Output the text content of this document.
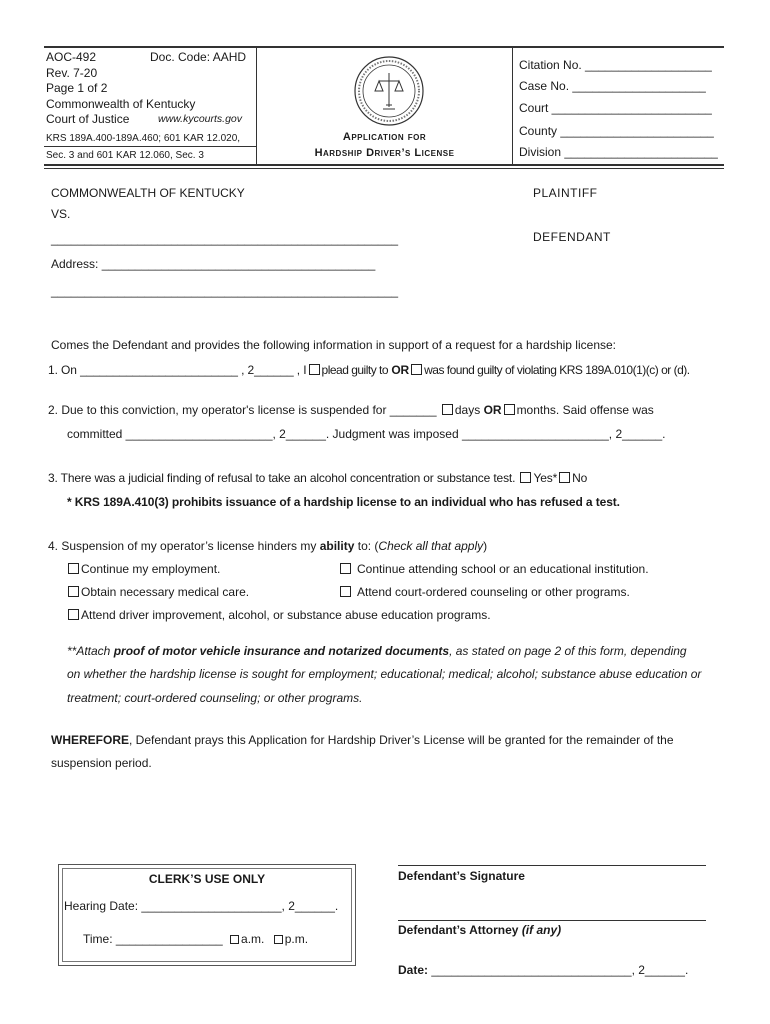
AOC-492	Doc. Code: AAHD
Rev. 7-20
Page 1 of 2
Commonwealth of Kentucky
Court of Justice	www.kycourts.gov
KRS 189A.400-189A.460; 601 KAR 12.020,
Sec. 3 and 601 KAR 12.060, Sec. 3
Application for
Hardship Driver’s License
Citation No. ___________________
Case No. ____________________
Court ________________________
County _______________________
Division _______________________
COMMONWEALTH OF KENTUCKY	PLAINTIFF
VS.
____________________________________________________	DEFENDANT
Address: _________________________________________
____________________________________________________
Comes the Defendant and provides the following information in support of a request for a hardship license:
1. On ________________________ , 2______ , I plead guilty to OR was found guilty of violating KRS 189A.010(1)(c) or (d).
2. Due to this conviction, my operator's license is suspended for _______ days OR months. Said offense was
committed ______________________, 2______. Judgment was imposed ______________________, 2______.
3. There was a judicial finding of refusal to take an alcohol concentration or substance test. Yes* No
* KRS 189A.410(3) prohibits issuance of a hardship license to an individual who has refused a test.
4. Suspension of my operator’s license hinders my ability to: (Check all that apply)
Continue my employment.	Continue attending school or an educational institution.
Obtain necessary medical care.	Attend court-ordered counseling or other programs.
Attend driver improvement, alcohol, or substance abuse education programs.
**Attach proof of motor vehicle insurance and notarized documents, as stated on page 2 of this form, depending
on whether the hardship license is sought for employment; educational; medical; alcohol; substance abuse education or
treatment; court-ordered counseling; or other programs.
WHEREFORE, Defendant prays this Application for Hardship Driver’s License will be granted for the remainder of the
suspension period.
CLERK’S USE ONLY
Hearing Date: _____________________, 2______.
Time: ________________ a.m. p.m.
Defendant’s Signature
Defendant’s Attorney (if any)
Date: ______________________________, 2______.
